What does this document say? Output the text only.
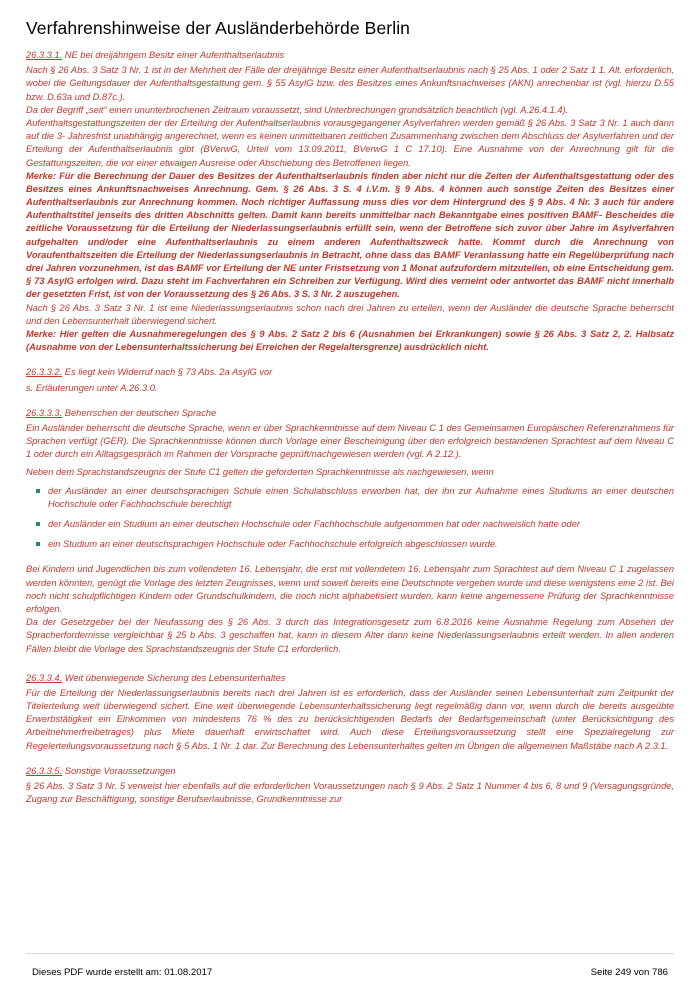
Verfahrenshinweise der Ausländerbehörde Berlin
26.3.3.1. NE bei dreijährigem Besitz einer Aufenthaltserlaubnis

Nach § 26 Abs. 3 Satz 3 Nr. 1 ist in der Mehrheit der Fälle der dreijährige Besitz einer Aufenthaltserlaubnis nach § 25 Abs. 1 oder 2 Satz 1 1. Alt. erforderlich, wobei die Geltungsdauer der Aufenthaltsgestattung gem. § 55 AsylG bzw. des Besitzes eines Ankunftsnachweises (AKN) anrechenbar ist (vgl. hierzu D.55 bzw. D.63a und D.87c.).

Da der Begriff „seit“ einen ununterbrochenen Zeitraum voraussetzt, sind Unterbrechungen grundsätzlich beachtlich (vgl. A.26.4.1.4).

Aufenthaltsgestattungszeiten der der Erteilung der Aufenthaltserlaubnis vorausgegangener Asylverfahren werden gemäß § 26 Abs. 3 Satz 3 Nr. 1 auch dann auf die 3- Jahresfrist unabhängig angerechnet, wenn es keinen unmittelbaren zeitlichen Zusammenhang zwischen dem Abschluss der Asylverfahren und der Erteilung der Aufenthaltserlaubnis gibt (BVerwG, Urteil vom 13.09.2011, BVerwG 1 C 17.10). Eine Ausnahme von der Anrechnung gilt für die Gestattungszeiten, die vor einer etwaigen Ausreise oder Abschiebung des Betroffenen liegen.

Merke: Für die Berechnung der Dauer des Besitzes der Aufenthaltserlaubnis finden aber nicht nur die Zeiten der Aufenthaltsgestattung oder des Besitzes eines Ankunftsnachweises Anrechnung. Gem. § 26 Abs. 3 S. 4 i.V.m. § 9 Abs. 4 können auch sonstige Zeiten des Besitzes einer Aufenthaltserlaubnis zur Anrechnung kommen. Noch richtiger Auffassung muss dies vor dem Hintergrund des § 9 Abs. 4 Nr. 3 auch für andere Aufenthaltstitel jenseits des dritten Abschnitts gelten. Damit kann bereits unmittelbar nach Bekanntgabe eines positiven BAMF- Bescheides die zeitliche Voraussetzung für die Erteilung der Niederlassungserlaubnis erfüllt sein, wenn der Betroffene sich zuvor über Jahre im Asylverfahren aufgehalten und/oder eine Aufenthaltserlaubnis zu einem anderen Aufenthaltszweck hatte. Kommt durch die Anrechnung von Voraufenthaltszeiten die Erteilung der Niederlassungserlaubnis in Betracht, ohne dass das BAMF Veranlassung hatte ein Regelüberprüfung nach drei Jahren vorzunehmen, ist das BAMF vor Erteilung der NE unter Fristsetzung von 1 Monat aufzufordern mitzuteilen, ob eine Entscheidung gem. § 73 AsylG erfolgen wird. Dazu steht im Fachverfahren ein Schreiben zur Verfügung. Wird dies verneint oder antwortet das BAMF nicht innerhalb der gesetzten Frist, ist von der Voraussetzung des § 26 Abs. 3 S. 3 Nr. 2 auszugehen.

Nach § 26 Abs. 3 Satz 3 Nr. 1 ist eine Niederlassungserlaubnis schon nach drei Jahren zu erteilen, wenn der Ausländer die deutsche Sprache beherrscht und den Lebensunterhalt überwiegend sichert.

Merke: Hier gelten die Ausnahmeregelungen des § 9 Abs. 2 Satz 2 bis 6 (Ausnahmen bei Erkrankungen) sowie § 26 Abs. 3 Satz 2, 2. Halbsatz (Ausnahme von der Lebensunterhaltssicherung bei Erreichen der Regelaltersgrenze) ausdrücklich nicht.

26.3.3.2. Es liegt kein Widerruf nach § 73 Abs. 2a AsylG vor

s. Erläuterungen unter A.26.3.0.

26.3.3.3. Beherrschen der deutschen Sprache

Ein Ausländer beherrscht die deutsche Sprache, wenn er über Sprachkenntnisse auf dem Niveau C 1 des Gemeinsamen Europäischen Referenzrahmens für Sprachen verfügt (GER). Die Sprachkenntnisse können durch Vorlage einer Bescheinigung über den erfolgreich bestandenen Sprachtest auf dem Niveau C 1 oder durch ein Alltagsgespräch im Rahmen der Vorsprache geprüft/nachgewiesen werden (vgl. A 2.12.).

Neben dem Sprachstandszeugnis der Stufe C1 gelten die geforderten Sprachkenntnisse als nachgewiesen, wenn

der Ausländer an einer deutschsprachigen Schule einen Schulabschluss erworben hat, der ihn zur Aufnahme eines Studiums an einer deutschen Hochschule oder Fachhochschule berechtigt
der Ausländer ein Studium an einer deutschen Hochschule oder Fachhochschule aufgenommen hat oder nachweislich hatte oder
ein Studium an einer deutschsprachigen Hochschule oder Fachhochschule erfolgreich abgeschlossen wurde.

Bei Kindern und Jugendlichen bis zum vollendeten 16. Lebensjahr, die erst mit vollendetem 16. Lebensjahr zum Sprachtest auf dem Niveau C 1 zugelassen werden könnten, genügt die Vorlage des letzten Zeugnisses, wenn und soweit bereits eine Deutschnote vergeben wurde und diese wenigstens eine 2 ist. Bei noch nicht schulpflichtigen Kindern oder Grundschulkindern, die noch nicht alphabetisiert wurden, kann keine angemessene Prüfung der Sprachkenntnisse erfolgen.

Da der Gesetzgeber bei der Neufassung des § 26 Abs. 3 durch das Integrationsgesetz zum 6.8.2016 keine Ausnahme Regelung zum Absehen der Spracherfordernisse vergleichbar § 25 b Abs. 3 geschaffen hat, kann in diesem Alter dann keine Niederlassungserlaubnis erteilt werden. In allen anderen Fällen bleibt die Vorlage des Sprachstandszeugnis der Stufe C1 erforderlich.

26.3.3.4. Weit überwiegende Sicherung des Lebensunterhaltes

Für die Erteilung der Niederlassungserlaubnis bereits nach drei Jahren ist es erforderlich, dass der Ausländer seinen Lebensunterhalt zum Zeitpunkt der Titelerteilung weit überwiegend sichert. Eine weit überwiegende Lebensunterhaltssicherung liegt regelmäßig dann vor, wenn durch die bereits ausgeübte Erwerbstätigkeit ein Einkommen von mindestens 76 % des zu berücksichtigenden Bedarfs der Bedarfsgemeinschaft (unter Berücksichtigung des Arbeitnehmerfreibetrages) plus Miete dauerhaft erwirtschaftet wird. Auch diese Erteilungsvoraussetzung stellt eine Spezialregelung zur Regelerteilungsvoraussetzung nach § 5 Abs. 1 Nr. 1 dar. Zur Berechnung des Lebensunterhaltes gelten im Übrigen die allgemeinen Maßstäbe nach A 2.3.1.

26.3.3.5. Sonstige Voraussetzungen

§ 26 Abs. 3 Satz 3 Nr. 5 verweist hier ebenfalls auf die erforderlichen Voraussetzungen nach § 9 Abs. 2 Satz 1 Nummer 4 bis 6, 8 und 9 (Versagungsgründe, Zugang zur Beschäftigung, sonstige Berufserlaubnisse, Grundkenntnisse zur

Dieses PDF wurde erstellt am: 01.08.2017	Seite 249 von 786
